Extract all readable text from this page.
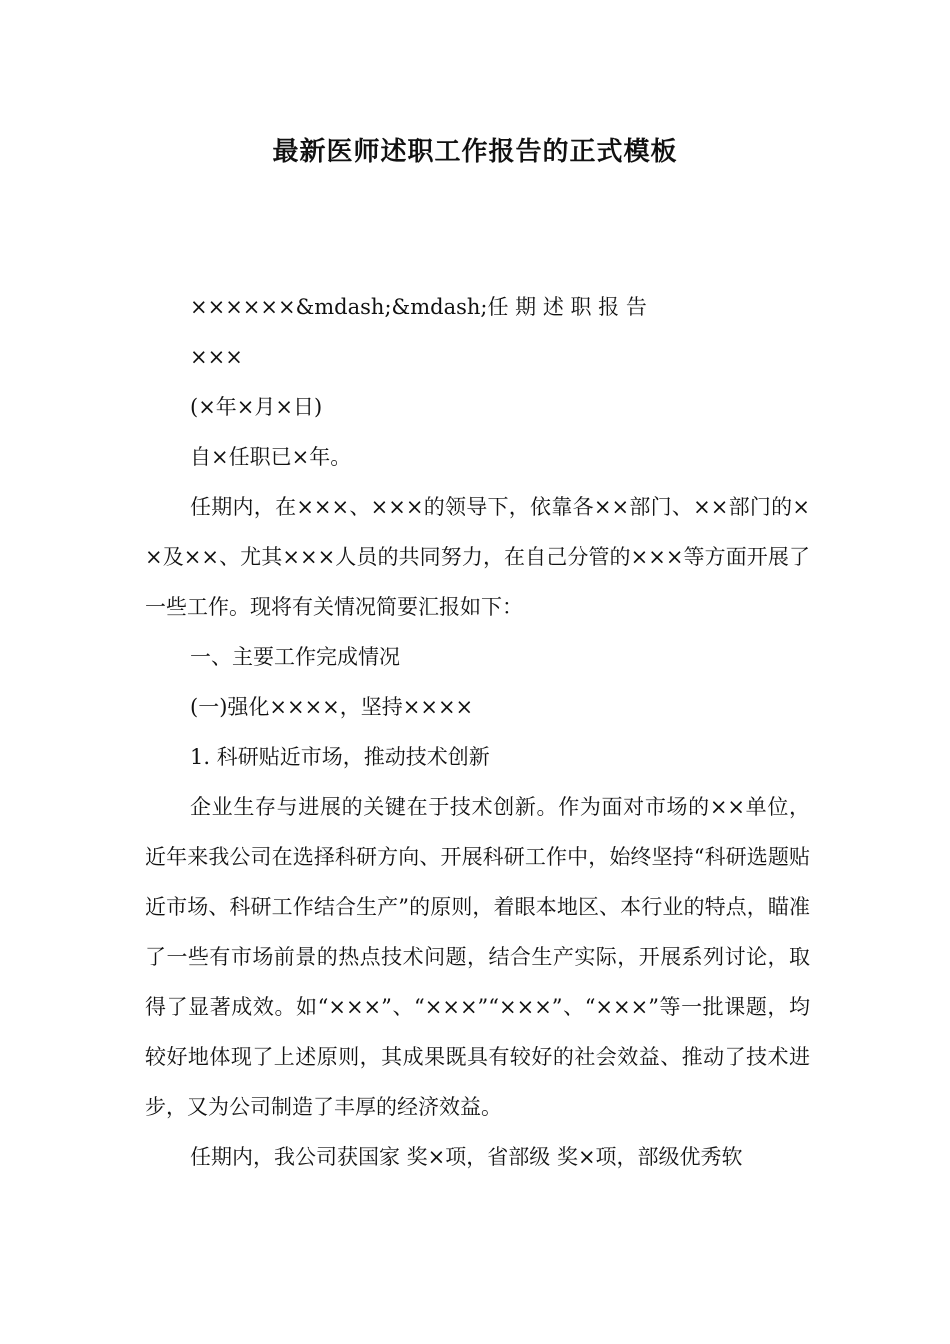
最新医师述职工作报告的正式模板

××××××&mdash;&mdash;任 期 述 职 报 告

×××

(×年×月×日)

自×任职已×年。

任期内，在×××、×××的领导下，依靠各××部门、××部门的××及××、尤其×××人员的共同努力，在自己分管的×××等方面开展了一些工作。现将有关情况简要汇报如下：

一、主要工作完成情况

(一)强化××××，坚持××××

1. 科研贴近市场，推动技术创新

企业生存与进展的关键在于技术创新。作为面对市场的××单位，近年来我公司在选择科研方向、开展科研工作中，始终坚持“科研选题贴近市场、科研工作结合生产”的原则，着眼本地区、本行业的特点，瞄准了一些有市场前景的热点技术问题，结合生产实际，开展系列讨论，取得了显著成效。如“×××”、“×××”“×××”、“×××”等一批课题，均较好地体现了上述原则，其成果既具有较好的社会效益、推动了技术进步，又为公司制造了丰厚的经济效益。

任期内，我公司获国家 奖×项，省部级 奖×项，部级优秀软
